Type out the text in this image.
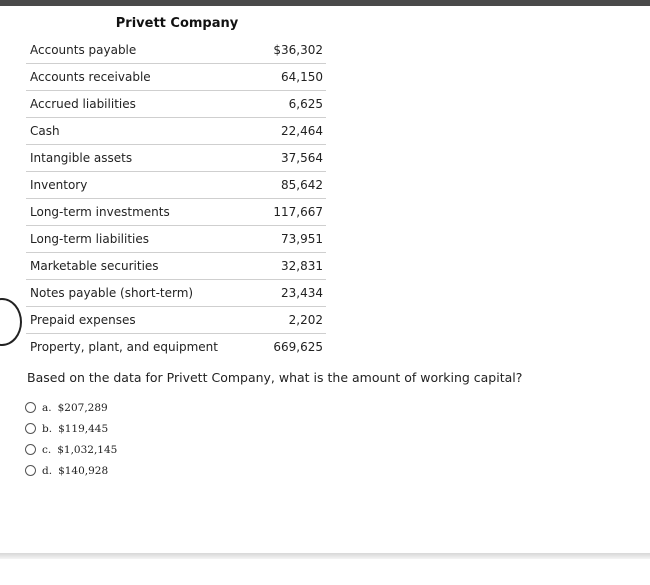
Privett Company
Accounts payable	$36,302
Accounts receivable	64,150
Accrued liabilities	6,625
Cash	22,464
Intangible assets	37,564
Inventory	85,642
Long-term investments	117,667
Long-term liabilities	73,951
Marketable securities	32,831
Notes payable (short-term)	23,434
Prepaid expenses	2,202
Property, plant, and equipment	669,625
Based on the data for Privett Company, what is the amount of working capital?
a. $207,289
b. $119,445
c. $1,032,145
d. $140,928
